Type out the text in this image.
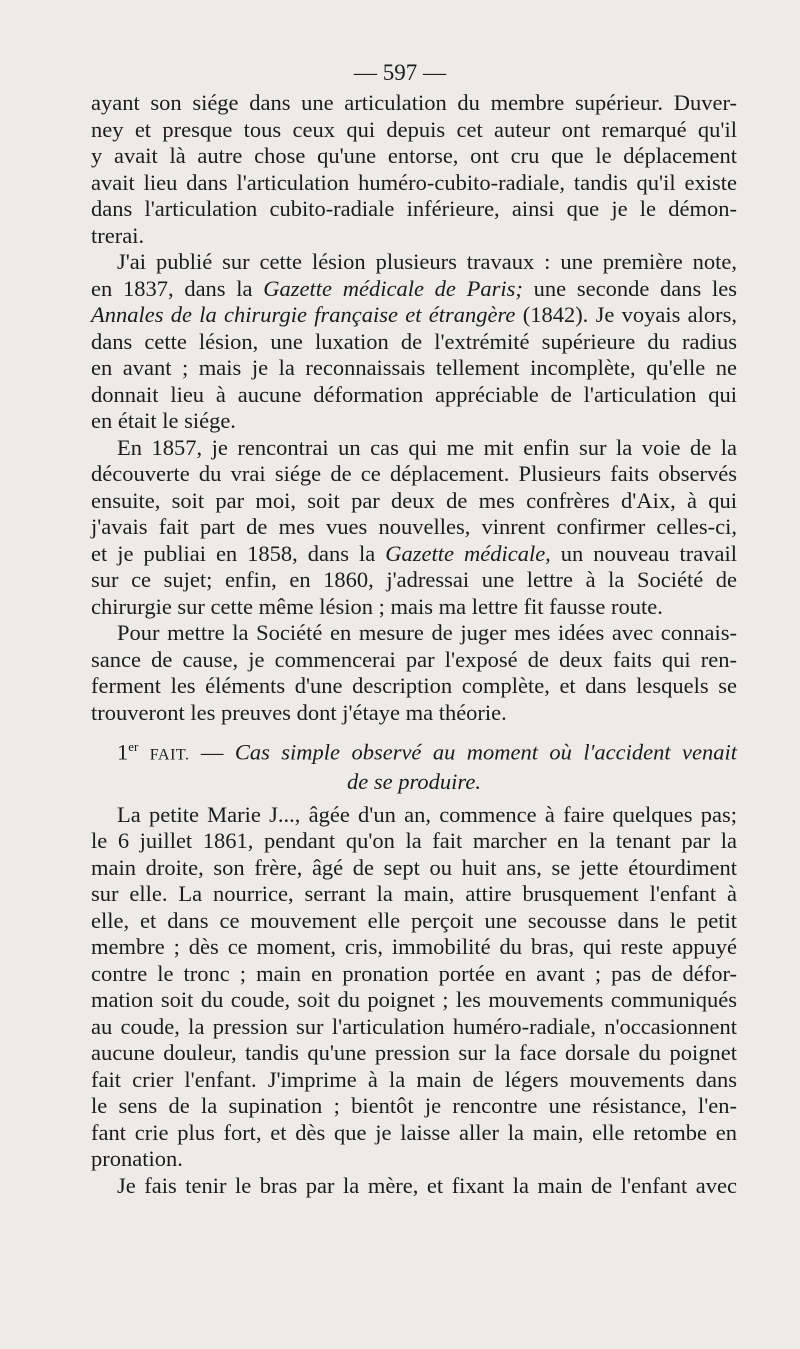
— 597 —
ayant son siége dans une articulation du membre supérieur. Duver-
ney et presque tous ceux qui depuis cet auteur ont remarqué qu'il
y avait là autre chose qu'une entorse, ont cru que le déplacement
avait lieu dans l'articulation huméro-cubito-radiale, tandis qu'il existe
dans l'articulation cubito-radiale inférieure, ainsi que je le démon-
trerai.
J'ai publié sur cette lésion plusieurs travaux : une première note,
en 1837, dans la Gazette médicale de Paris; une seconde dans les
Annales de la chirurgie française et étrangère (1842). Je voyais alors,
dans cette lésion, une luxation de l'extrémité supérieure du radius
en avant ; mais je la reconnaissais tellement incomplète, qu'elle ne
donnait lieu à aucune déformation appréciable de l'articulation qui
en était le siége.
En 1857, je rencontrai un cas qui me mit enfin sur la voie de la
découverte du vrai siége de ce déplacement. Plusieurs faits observés
ensuite, soit par moi, soit par deux de mes confrères d'Aix, à qui
j'avais fait part de mes vues nouvelles, vinrent confirmer celles-ci,
et je publiai en 1858, dans la Gazette médicale, un nouveau travail
sur ce sujet; enfin, en 1860, j'adressai une lettre à la Société de
chirurgie sur cette même lésion ; mais ma lettre fit fausse route.
Pour mettre la Société en mesure de juger mes idées avec connais-
sance de cause, je commencerai par l'exposé de deux faits qui ren-
ferment les éléments d'une description complète, et dans lesquels se
trouveront les preuves dont j'étaye ma théorie.
1er FAIT. — Cas simple observé au moment où l'accident venait
de se produire.
La petite Marie J..., âgée d'un an, commence à faire quelques pas;
le 6 juillet 1861, pendant qu'on la fait marcher en la tenant par la
main droite, son frère, âgé de sept ou huit ans, se jette étourdiment
sur elle. La nourrice, serrant la main, attire brusquement l'enfant à
elle, et dans ce mouvement elle perçoit une secousse dans le petit
membre ; dès ce moment, cris, immobilité du bras, qui reste appuyé
contre le tronc ; main en pronation portée en avant ; pas de défor-
mation soit du coude, soit du poignet ; les mouvements communiqués
au coude, la pression sur l'articulation huméro-radiale, n'occasionnent
aucune douleur, tandis qu'une pression sur la face dorsale du poignet
fait crier l'enfant. J'imprime à la main de légers mouvements dans
le sens de la supination ; bientôt je rencontre une résistance, l'en-
fant crie plus fort, et dès que je laisse aller la main, elle retombe en
pronation.
Je fais tenir le bras par la mère, et fixant la main de l'enfant avec
